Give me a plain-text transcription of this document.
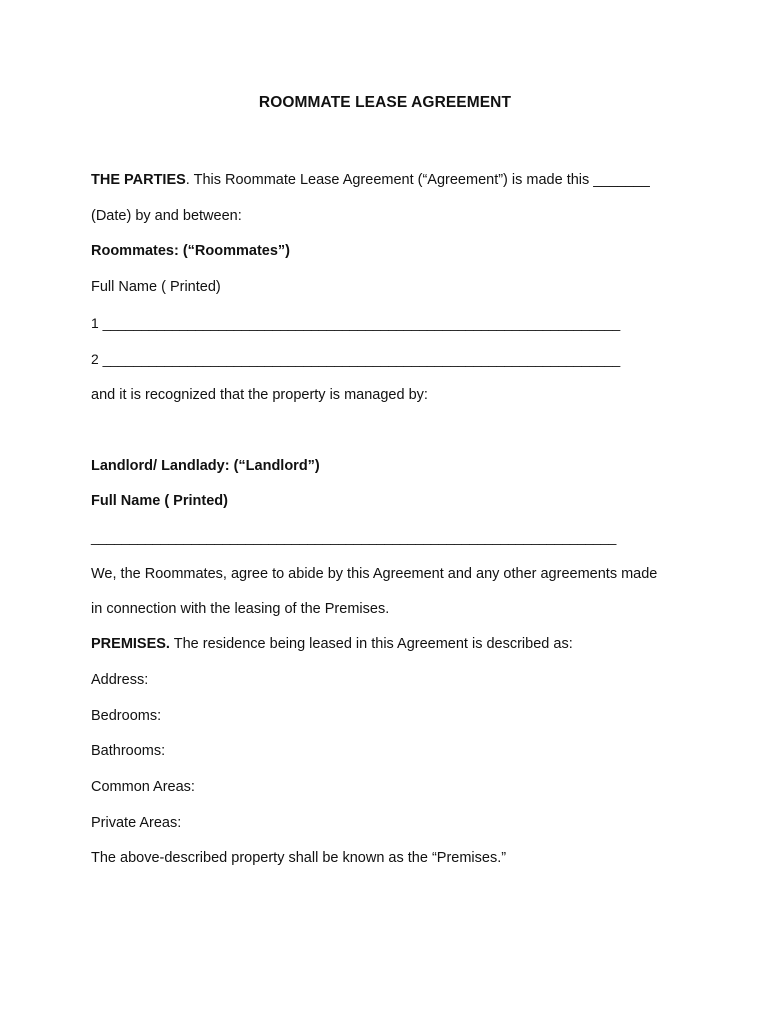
ROOMMATE LEASE AGREEMENT
THE PARTIES. This Roommate Lease Agreement (“Agreement”) is made this _______
(Date) by and between:
Roommates: (“Roommates”)
Full Name ( Printed)
1 ___________________________________________________________________
2 ___________________________________________________________________
and it is recognized that the property is managed by:
Landlord/ Landlady: (“Landlord”)
Full Name ( Printed)
____________________________________________________________________
We, the Roommates, agree to abide by this Agreement and any other agreements made
in connection with the leasing of the Premises.
PREMISES. The residence being leased in this Agreement is described as:
Address:
Bedrooms:
Bathrooms:
Common Areas:
Private Areas:
The above-described property shall be known as the “Premises.”
